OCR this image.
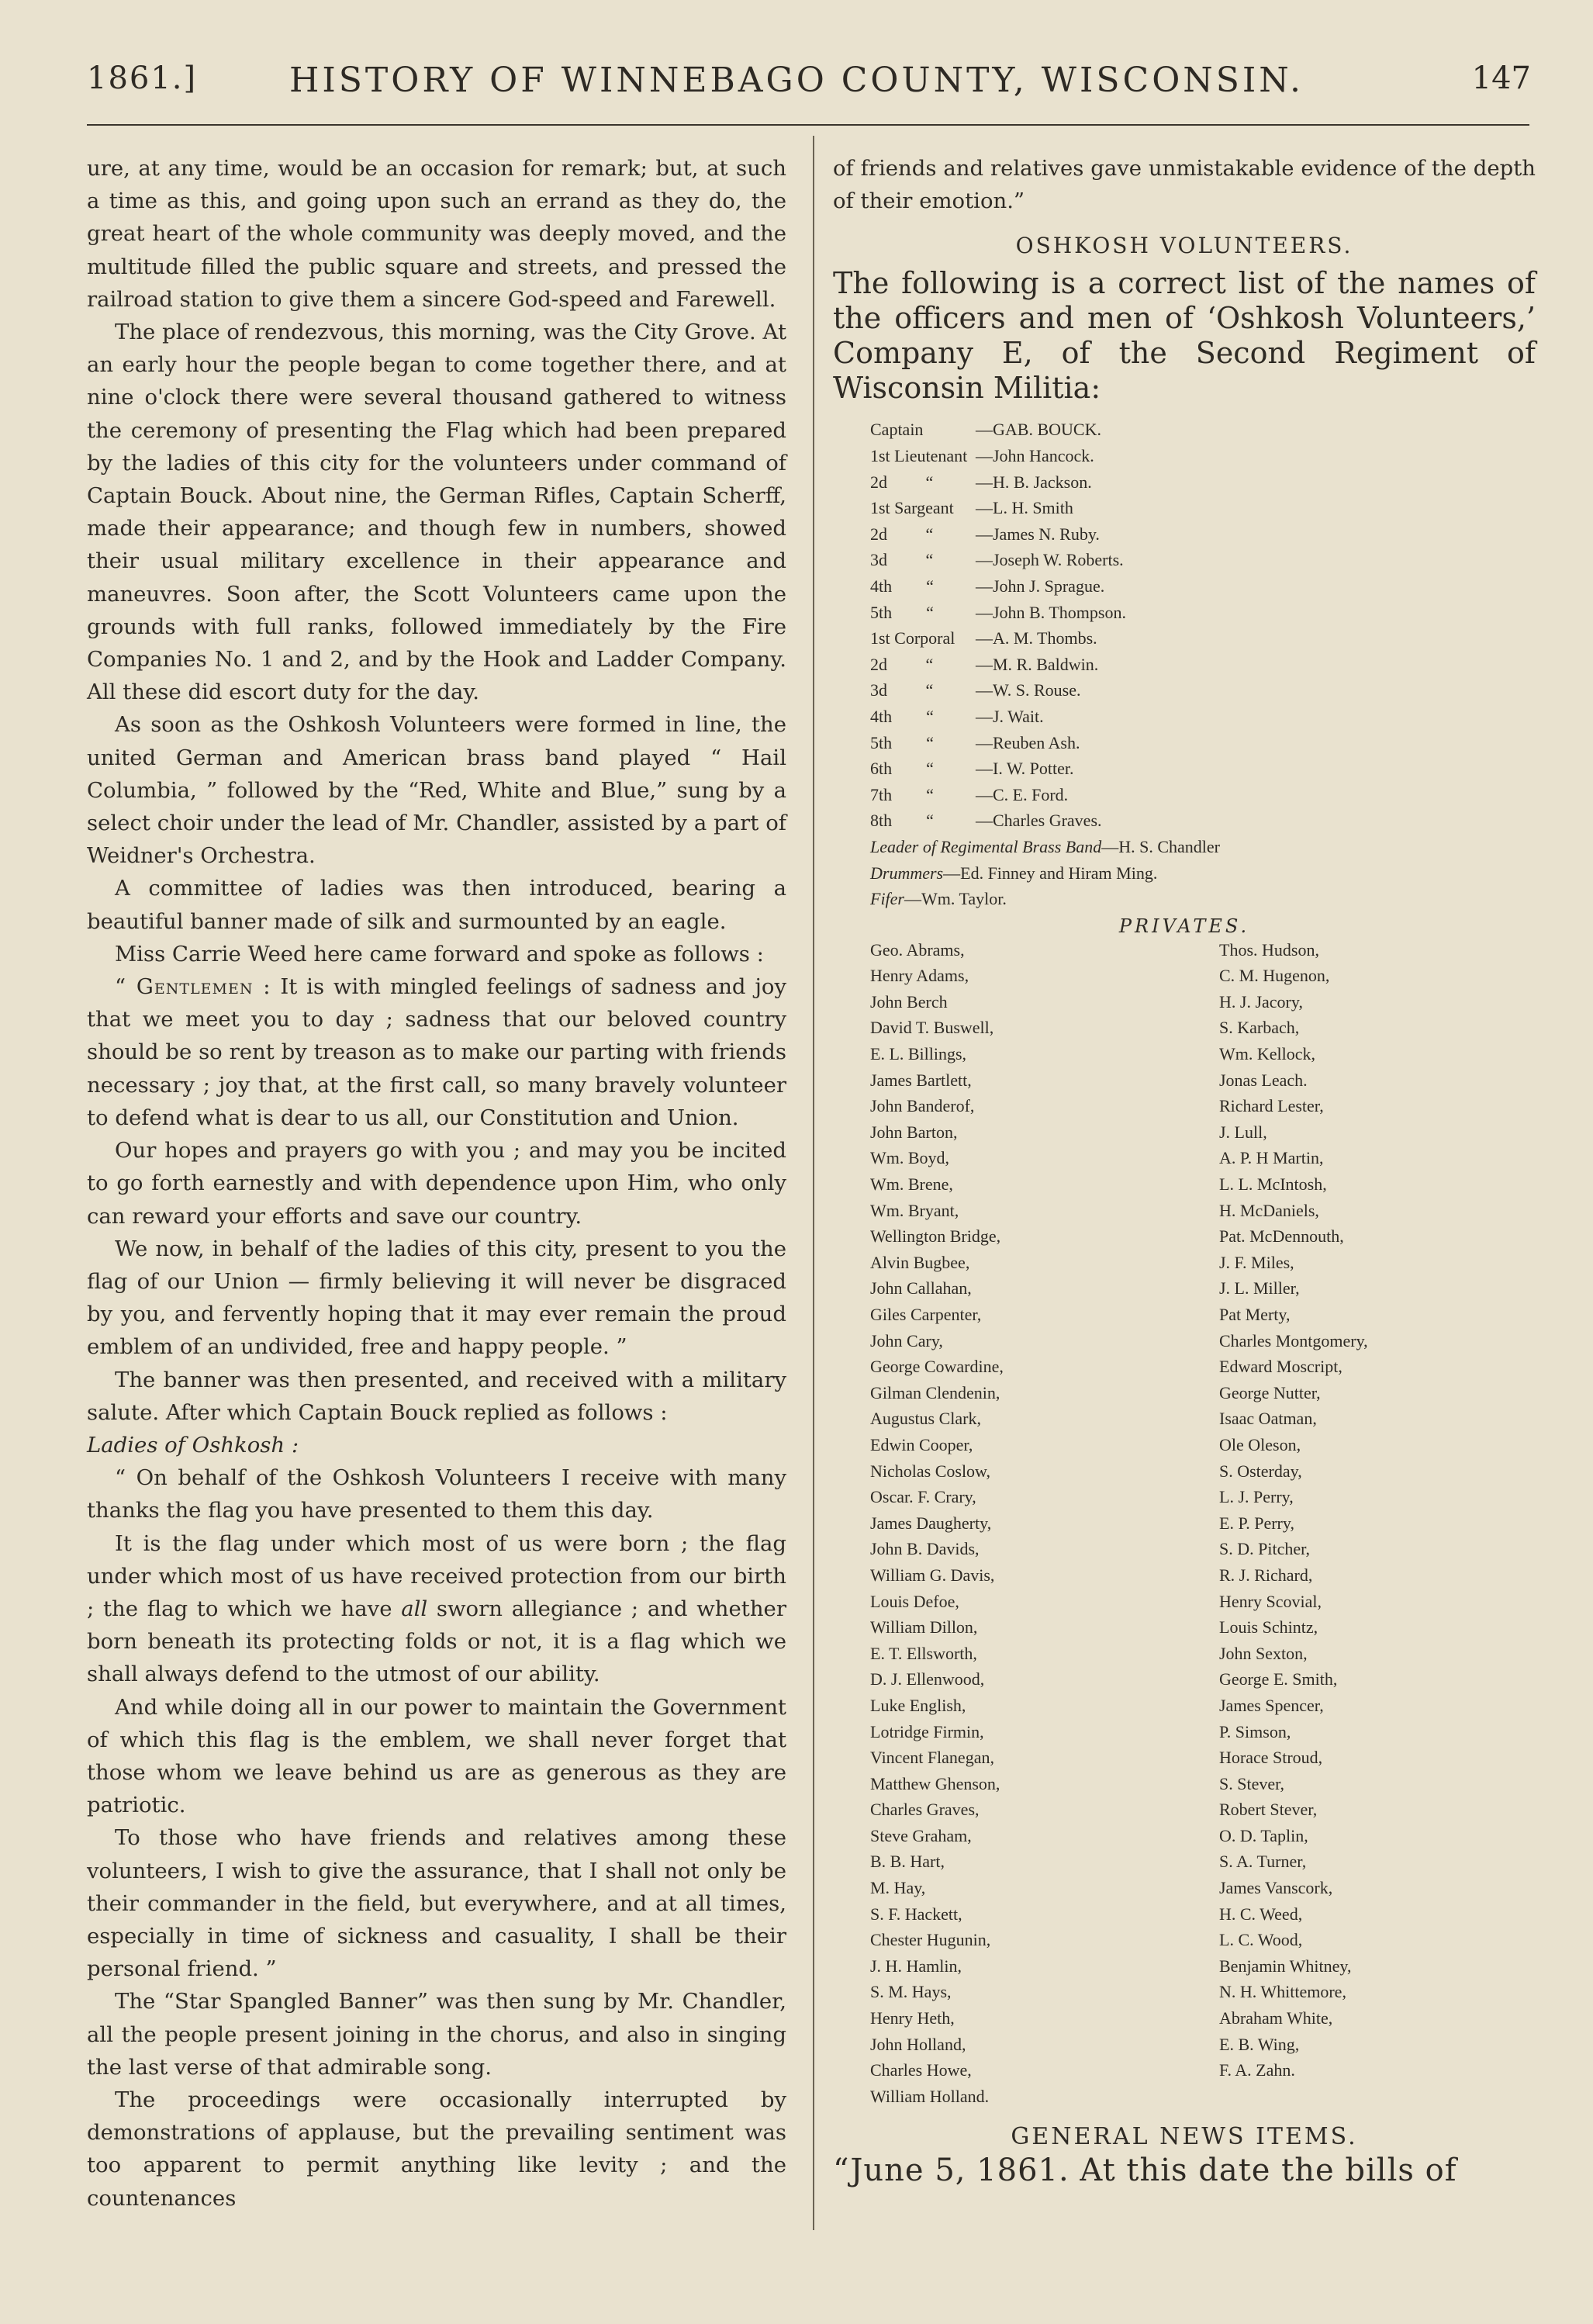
1861.]	HISTORY OF WINNEBAGO COUNTY, WISCONSIN.	147

ure, at any time, would be an occasion for remark; but, at such a time as this, and going upon such an errand as they do, the great heart of the whole community was deeply moved, and the multitude filled the public square and streets, and pressed the railroad station to give them a sincere God-speed and Farewell.

The place of rendezvous, this morning, was the City Grove. At an early hour the people began to come together there, and at nine o'clock there were several thousand gathered to witness the ceremony of presenting the Flag which had been prepared by the ladies of this city for the volunteers under command of Captain Bouck. About nine, the German Rifles, Captain Scherff, made their appearance; and though few in numbers, showed their usual military excellence in their appearance and maneuvres. Soon after, the Scott Volunteers came upon the grounds with full ranks, followed immediately by the Fire Companies No. 1 and 2, and by the Hook and Ladder Company. All these did escort duty for the day.

As soon as the Oshkosh Volunteers were formed in line, the united German and American brass band played “ Hail Columbia, ” followed by the “Red, White and Blue,” sung by a select choir under the lead of Mr. Chandler, assisted by a part of Weidner's Orchestra.

A committee of ladies was then introduced, bearing a beautiful banner made of silk and surmounted by an eagle.

Miss Carrie Weed here came forward and spoke as follows :

“ Gentlemen : It is with mingled feelings of sadness and joy that we meet you to day ; sadness that our beloved country should be so rent by treason as to make our parting with friends necessary ; joy that, at the first call, so many bravely volunteer to defend what is dear to us all, our Constitution and Union.

Our hopes and prayers go with you ; and may you be incited to go forth earnestly and with dependence upon Him, who only can reward your efforts and save our country.

We now, in behalf of the ladies of this city, present to you the flag of our Union — firmly believing it will never be disgraced by you, and fervently hoping that it may ever remain the proud emblem of an undivided, free and happy people. ”

The banner was then presented, and received with a military salute. After which Captain Bouck replied as follows :

Ladies of Oshkosh :

“ On behalf of the Oshkosh Volunteers I receive with many thanks the flag you have presented to them this day.

It is the flag under which most of us were born ; the flag under which most of us have received protection from our birth ; the flag to which we have all sworn allegiance ; and whether born beneath its protecting folds or not, it is a flag which we shall always defend to the utmost of our ability.

And while doing all in our power to maintain the Government of which this flag is the emblem, we shall never forget that those whom we leave behind us are as generous as they are patriotic.

To those who have friends and relatives among these volunteers, I wish to give the assurance, that I shall not only be their commander in the field, but everywhere, and at all times, especially in time of sickness and casuality, I shall be their personal friend. ”

The “Star Spangled Banner” was then sung by Mr. Chandler, all the people present joining in the chorus, and also in singing the last verse of that admirable song.

The proceedings were occasionally interrupted by demonstrations of applause, but the prevailing sentiment was too apparent to permit anything like levity ; and the countenances

of friends and relatives gave unmistakable evidence of the depth of their emotion.”

OSHKOSH VOLUNTEERS.

The following is a correct list of the names of the officers and men of ‘Oshkosh Volunteers,’ Company E, of the Second Regiment of Wisconsin Militia:

Captain	—GAB. BOUCK.
1st Lieutenant —John Hancock.
2d         “	—H. B. Jackson.
1st Sargeant	—L. H. Smith
2d         “	—James N. Ruby.
3d         “	—Joseph W. Roberts.
4th        “	—John J. Sprague.
5th        “	—John B. Thompson.
1st Corporal	—A. M. Thombs.
2d         “	—M. R. Baldwin.
3d         “	—W. S. Rouse.
4th        “	—J. Wait.
5th        “	—Reuben Ash.
6th        “	—I. W. Potter.
7th        “	—C. E. Ford.
8th        “	—Charles Graves.
Leader of Regimental Brass Band—H. S. Chandler
Drummers—Ed. Finney and Hiram Ming.
Fifer—Wm. Taylor.

PRIVATES.

Geo. Abrams,
Henry Adams,
John Berch
David T. Buswell,
E. L. Billings,
James Bartlett,
John Banderof,
John Barton,
Wm. Boyd,
Wm. Brene,
Wm. Bryant,
Wellington Bridge,
Alvin Bugbee,
John Callahan,
Giles Carpenter,
John Cary,
George Cowardine,
Gilman Clendenin,
Augustus Clark,
Edwin Cooper,
Nicholas Coslow,
Oscar. F. Crary,
James Daugherty,
John B. Davids,
William G. Davis,
Louis Defoe,
William Dillon,
E. T. Ellsworth,
D. J. Ellenwood,
Luke English,
Lotridge Firmin,
Vincent Flanegan,
Matthew Ghenson,
Charles Graves,
Steve Graham,
B. B. Hart,
M. Hay,
S. F. Hackett,
Chester Hugunin,
J. H. Hamlin,
S. M. Hays,
Henry Heth,
John Holland,
Charles Howe,
William Holland.
Thos. Hudson,
C. M. Hugenon,
H. J. Jacory,
S. Karbach,
Wm. Kellock,
Jonas Leach.
Richard Lester,
J. Lull,
A. P. H Martin,
L. L. McIntosh,
H. McDaniels,
Pat. McDennouth,
J. F. Miles,
J. L. Miller,
Pat Merty,
Charles Montgomery,
Edward Moscript,
George Nutter,
Isaac Oatman,
Ole Oleson,
S. Osterday,
L. J. Perry,
E. P. Perry,
S. D. Pitcher,
R. J. Richard,
Henry Scovial,
Louis Schintz,
John Sexton,
George E. Smith,
James Spencer,
P. Simson,
Horace Stroud,
S. Stever,
Robert Stever,
O. D. Taplin,
S. A. Turner,
James Vanscork,
H. C. Weed,
L. C. Wood,
Benjamin Whitney,
N. H. Whittemore,
Abraham White,
E. B. Wing,
F. A. Zahn.

GENERAL NEWS ITEMS.

“June 5, 1861. At this date the bills of
